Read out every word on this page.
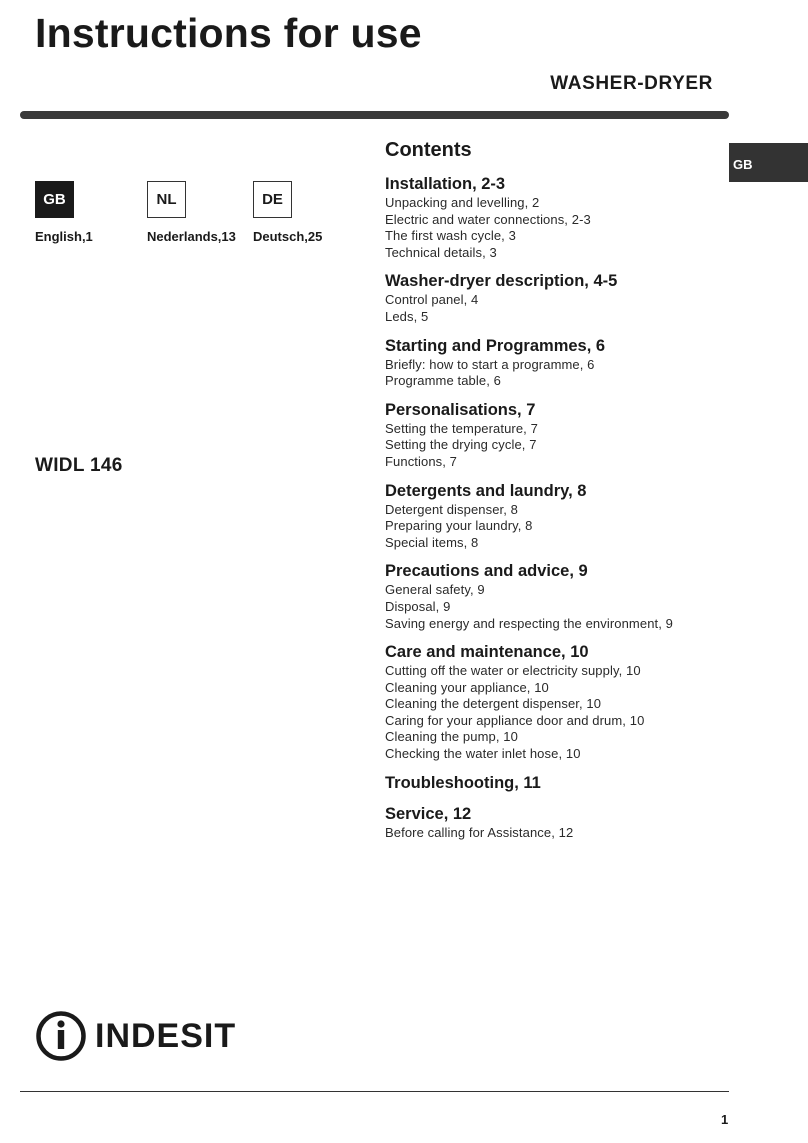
Instructions for use
WASHER-DRYER
GB
GB
English,1
NL
Nederlands,13
DE
Deutsch,25
WIDL 146
Contents
Installation, 2-3
Unpacking and levelling, 2
Electric and water connections, 2-3
The first wash cycle, 3
Technical details, 3
Washer-dryer description, 4-5
Control panel, 4
Leds, 5
Starting and Programmes, 6
Briefly: how to start a programme, 6
Programme table, 6
Personalisations, 7
Setting the temperature, 7
Setting the drying cycle, 7
Functions, 7
Detergents and laundry, 8
Detergent dispenser, 8
Preparing your laundry, 8
Special items, 8
Precautions and advice, 9
General safety, 9
Disposal, 9
Saving energy and respecting the environment, 9
Care and maintenance, 10
Cutting off the water or electricity supply, 10
Cleaning your appliance, 10
Cleaning the detergent dispenser, 10
Caring for your appliance door and drum, 10
Cleaning the pump, 10
Checking the water inlet hose, 10
Troubleshooting, 11
Service, 12
Before calling for Assistance, 12
INDESIT
1
